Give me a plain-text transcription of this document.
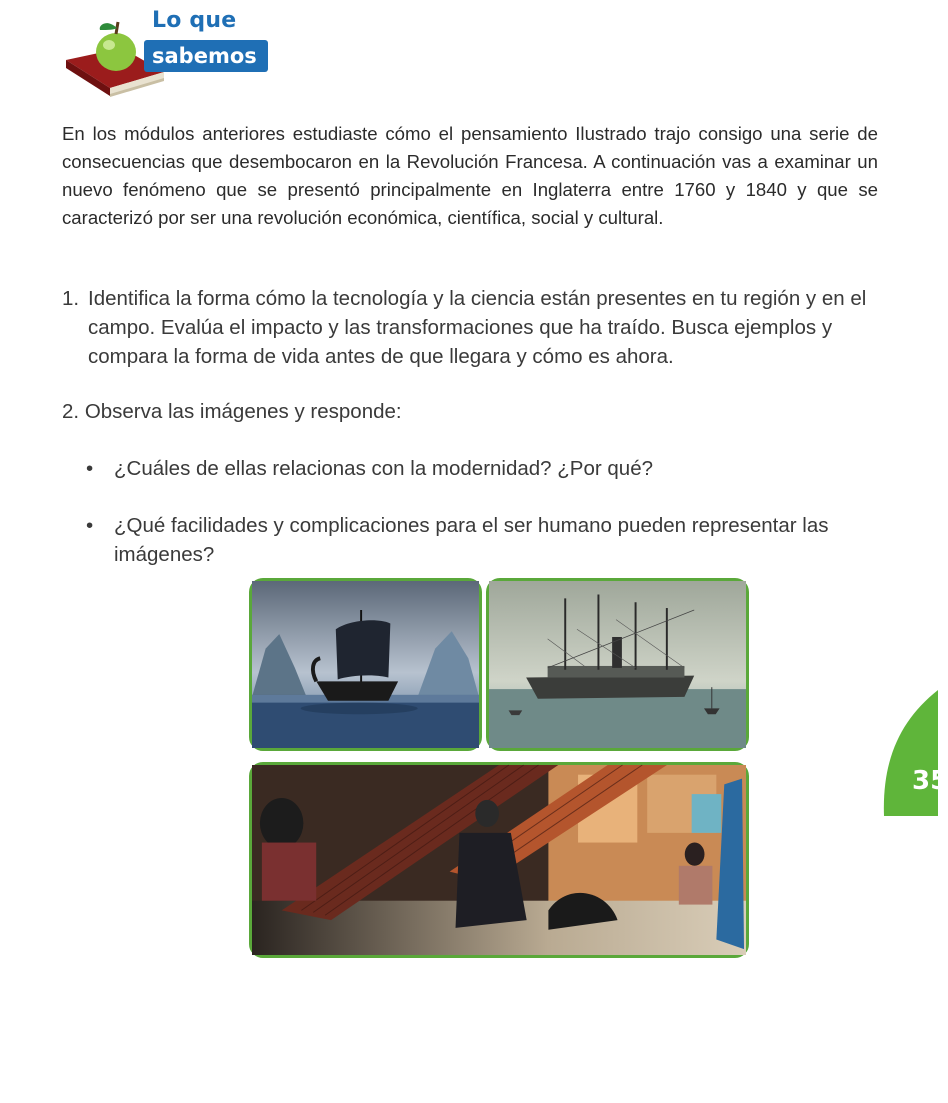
Lo que
sabemos

En los módulos anteriores estudiaste cómo el pensamiento Ilustrado trajo consigo una serie de consecuencias que desembocaron en la Revolución Francesa. A continuación vas a examinar un nuevo fenómeno que se presentó principalmente en Inglaterra entre 1760 y 1840 y que se caracterizó por ser una revolución económica, científica, social y cultural.

1. Identifica la forma cómo la tecnología y la ciencia están presentes en tu región y en el campo. Evalúa el impacto y las transformaciones que ha traído. Busca ejemplos y compara la forma de vida antes de que llegara y cómo es ahora.
2. Observa las imágenes y responde:
• ¿Cuáles de ellas relacionas con la modernidad? ¿Por qué?
• ¿Qué facilidades y complicaciones para el ser humano pueden representar las imágenes?
35
